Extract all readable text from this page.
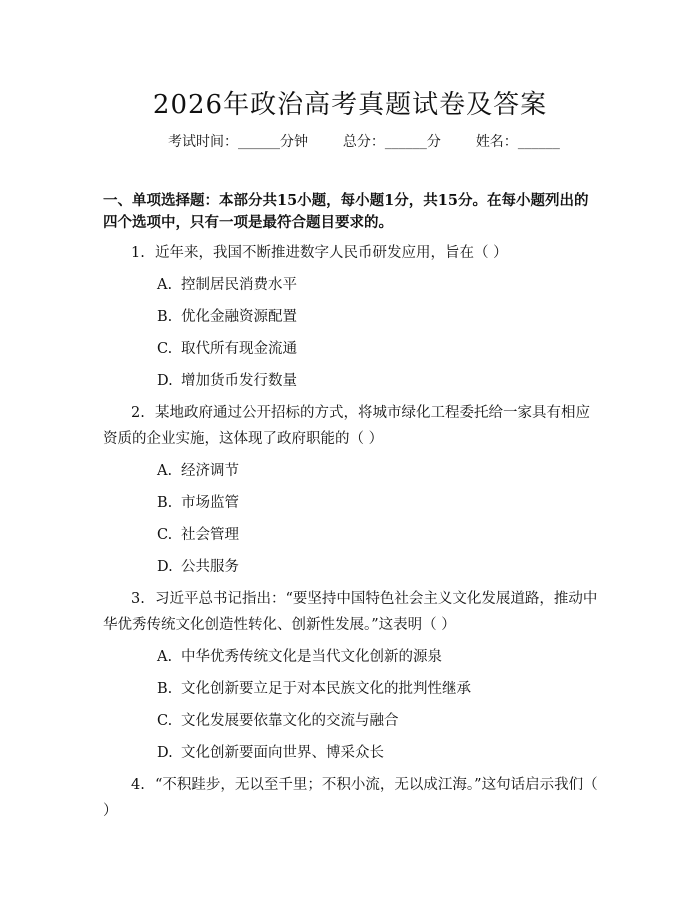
2026年政治高考真题试卷及答案
考试时间：______分钟 总分：______分 姓名：______
一、单项选择题：本部分共15小题，每小题1分，共15分。在每小题列出的四个选项中，只有一项是最符合题目要求的。
1. 近年来，我国不断推进数字人民币研发应用，旨在（ ）
A. 控制居民消费水平
B. 优化金融资源配置
C. 取代所有现金流通
D. 增加货币发行数量
2. 某地政府通过公开招标的方式，将城市绿化工程委托给一家具有相应资质的企业实施，这体现了政府职能的（ ）
A. 经济调节
B. 市场监管
C. 社会管理
D. 公共服务
3. 习近平总书记指出：“要坚持中国特色社会主义文化发展道路，推动中华优秀传统文化创造性转化、创新性发展。”这表明（ ）
A. 中华优秀传统文化是当代文化创新的源泉
B. 文化创新要立足于对本民族文化的批判性继承
C. 文化发展要依靠文化的交流与融合
D. 文化创新要面向世界、博采众长
4. “不积跬步，无以至千里；不积小流，无以成江海。”这句话启示我们（ ）
